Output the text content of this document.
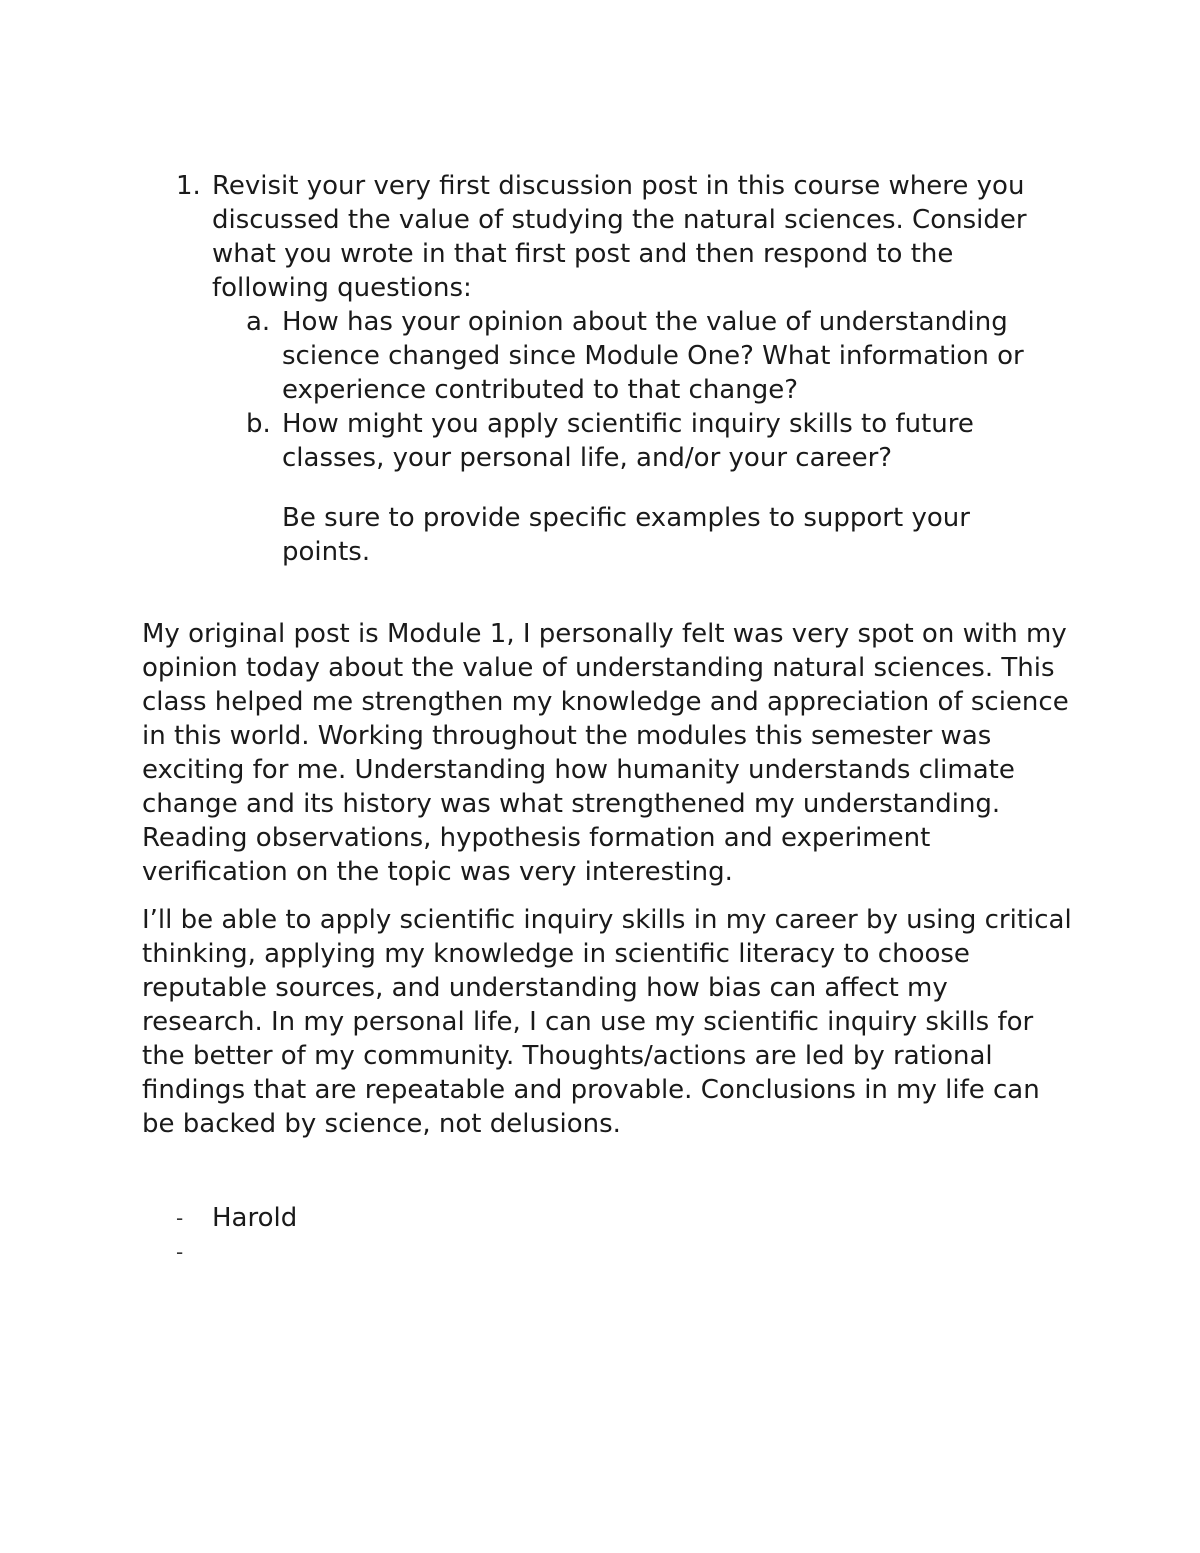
1. Revisit your very first discussion post in this course where you discussed the value of studying the natural sciences. Consider what you wrote in that first post and then respond to the following questions:
a. How has your opinion about the value of understanding science changed since Module One? What information or experience contributed to that change?
b. How might you apply scientific inquiry skills to future classes, your personal life, and/or your career?
Be sure to provide specific examples to support your points.

My original post is Module 1, I personally felt was very spot on with my opinion today about the value of understanding natural sciences. This class helped me strengthen my knowledge and appreciation of science in this world. Working throughout the modules this semester was exciting for me. Understanding how humanity understands climate change and its history was what strengthened my understanding. Reading observations, hypothesis formation and experiment verification on the topic was very interesting.

I’ll be able to apply scientific inquiry skills in my career by using critical thinking, applying my knowledge in scientific literacy to choose reputable sources, and understanding how bias can affect my research. In my personal life, I can use my scientific inquiry skills for the better of my community. Thoughts/actions are led by rational findings that are repeatable and provable. Conclusions in my life can be backed by science, not delusions.

-	Harold
-
